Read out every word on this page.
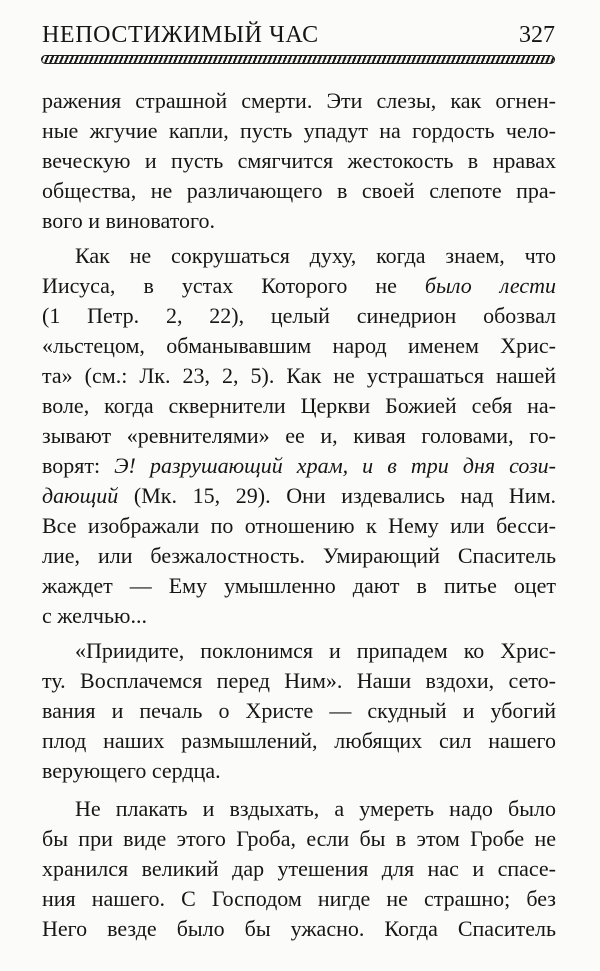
НЕПОСТИЖИМЫЙ ЧАС	327
ражения страшной смерти. Эти слезы, как огнен-
ные жгучие капли, пусть упадут на гордость чело-
веческую и пусть смягчится жестокость в нравах
общества, не различающего в своей слепоте пра-
вого и виноватого.
Как не сокрушаться духу, когда знаем, что
Иисуса, в устах Которого не было лести
(1 Петр. 2, 22), целый синедрион обозвал
«льстецом, обманывавшим народ именем Хрис-
та» (см.: Лк. 23, 2, 5). Как не устрашаться нашей
воле, когда сквернители Церкви Божией себя на-
зывают «ревнителями» ее и, кивая головами, го-
ворят: Э! разрушающий храм, и в три дня сози-
дающий (Мк. 15, 29). Они издевались над Ним.
Все изображали по отношению к Нему или бесси-
лие, или безжалостность. Умирающий Спаситель
жаждет — Ему умышленно дают в питье оцет
с желчью...
«Приидите, поклонимся и припадем ко Хрис-
ту. Восплачемся перед Ним». Наши вздохи, сето-
вания и печаль о Христе — скудный и убогий
плод наших размышлений, любящих сил нашего
верующего сердца.
Не плакать и вздыхать, а умереть надо было
бы при виде этого Гроба, если бы в этом Гробе не
хранился великий дар утешения для нас и спасе-
ния нашего. С Господом нигде не страшно; без
Него везде было бы ужасно. Когда Спаситель
